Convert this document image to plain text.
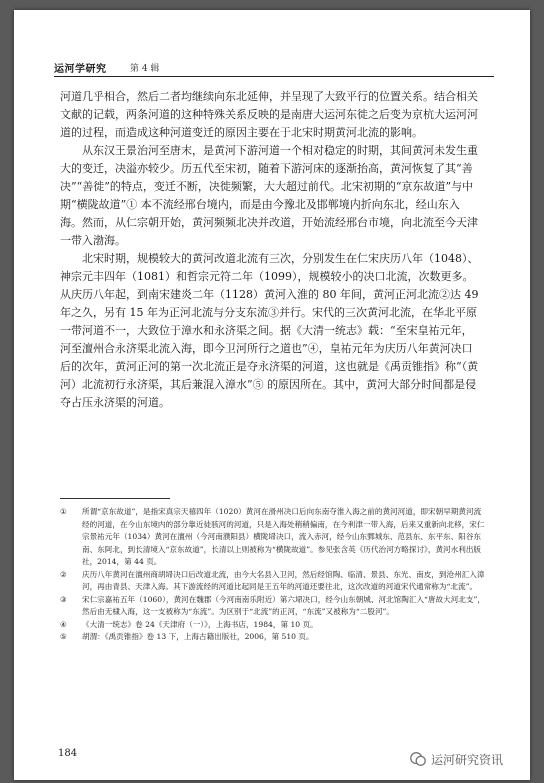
运河学研究	第 4 辑

河道几乎相合，然后二者均继续向东北延伸，并呈现了大致平行的位置关系。结合相关文献的记载，两条河道的这种特殊关系反映的是南唐大运河东徙之后变为京杭大运河河道的过程，而造成这种河道变迁的原因主要在于北宋时期黄河北流的影响。

从东汉王景治河至唐末，是黄河下游河道一个相对稳定的时期，其间黄河未发生重大的变迁，决溢亦较少。历五代至宋初，随着下游河床的逐渐抬高，黄河恢复了其“善决”“善徙”的特点，变迁不断，决徙频繁，大大超过前代。北宋初期的“京东故道”与中期“横陇故道”① 本不流经邢台境内，而是由今豫北及邯郸境内折向东北，经山东入海。然而，从仁宗朝开始，黄河频频北决并改道，开始流经邢台市境，向北流至今天津一带入渤海。

北宋时期，规模较大的黄河改道北流有三次，分别发生在仁宋庆历八年（1048）、神宗元丰四年（1081）和哲宗元符二年（1099），规模较小的决口北流，次数更多。从庆历八年起，到南宋建炎二年（1128）黄河入淮的 80 年间，黄河正河北流②达 49 年之久，另有 15 年为正河北流与分支东流③并行。宋代的三次黄河北流，在华北平原一带河道不一，大致位于漳水和永济渠之间。据《大清一统志》载：“至宋皇祐元年，河至澶州合永济渠北流入海，即今卫河所行之道也”④，皇祐元年为庆历八年黄河决口后的次年，黄河正河的第一次北流正是夺永济渠的河道，这也就是《禹贡锥指》称“（黄河）北流初行永济渠，其后兼混入漳水”⑤ 的原因所在。其中，黄河大部分时间都是侵夺占压永济渠的河道。

① 所谓“京东故道”，是指宋真宗天禧四年（1020）黄河在滑州决口后向东南夺淮入海之前的黄河河道，即宋朝早期黄河流经的河道，在今山东境内的部分靠近徒骇河的河道，只是入海处稍稍偏南，在今利津一带入海，后来又重新向北移，宋仁宗景祐元年（1034）黄河在澶州（今河南濮阳县）横陇埽决口，流入赤河，经今山东鄄城东、范县东、东平东、阳谷东南、东阿北，到长清境入“京东故道”，长清以上则被称为“横陇故道”。参见张含英《历代治河方略探讨》，黄河水利出版社，2014，第 44 页。
② 庆历八年黄河在澶州商胡埽决口后改道北流，由今大名县入卫河，然后经馆陶、临清、景县、东光、南皮，到沧州汇入漳河，再由青县、天津入海。其下游流经的河道比起同是王五年的河道还要往北，这次改道的河道宋代通常称为“北流”。
③ 宋仁宗嘉祐五年（1060），黄河在魏郡（今河南南乐附近）第六埽决口，经今山东朝城、河北馆陶汇入“唐故大河北支”，然后由无棣入海，这一支被称为“东流”。为区别于“北流”的正河，“东流”又被称为“二股河”。
④ 《大清一统志》卷 24《天津府（一）》，上海书店，1984，第 10 页。
⑤ 胡渭：《禹贡锥指》卷 13 下，上海古籍出版社，2006，第 510 页。
184	运河研究资讯
